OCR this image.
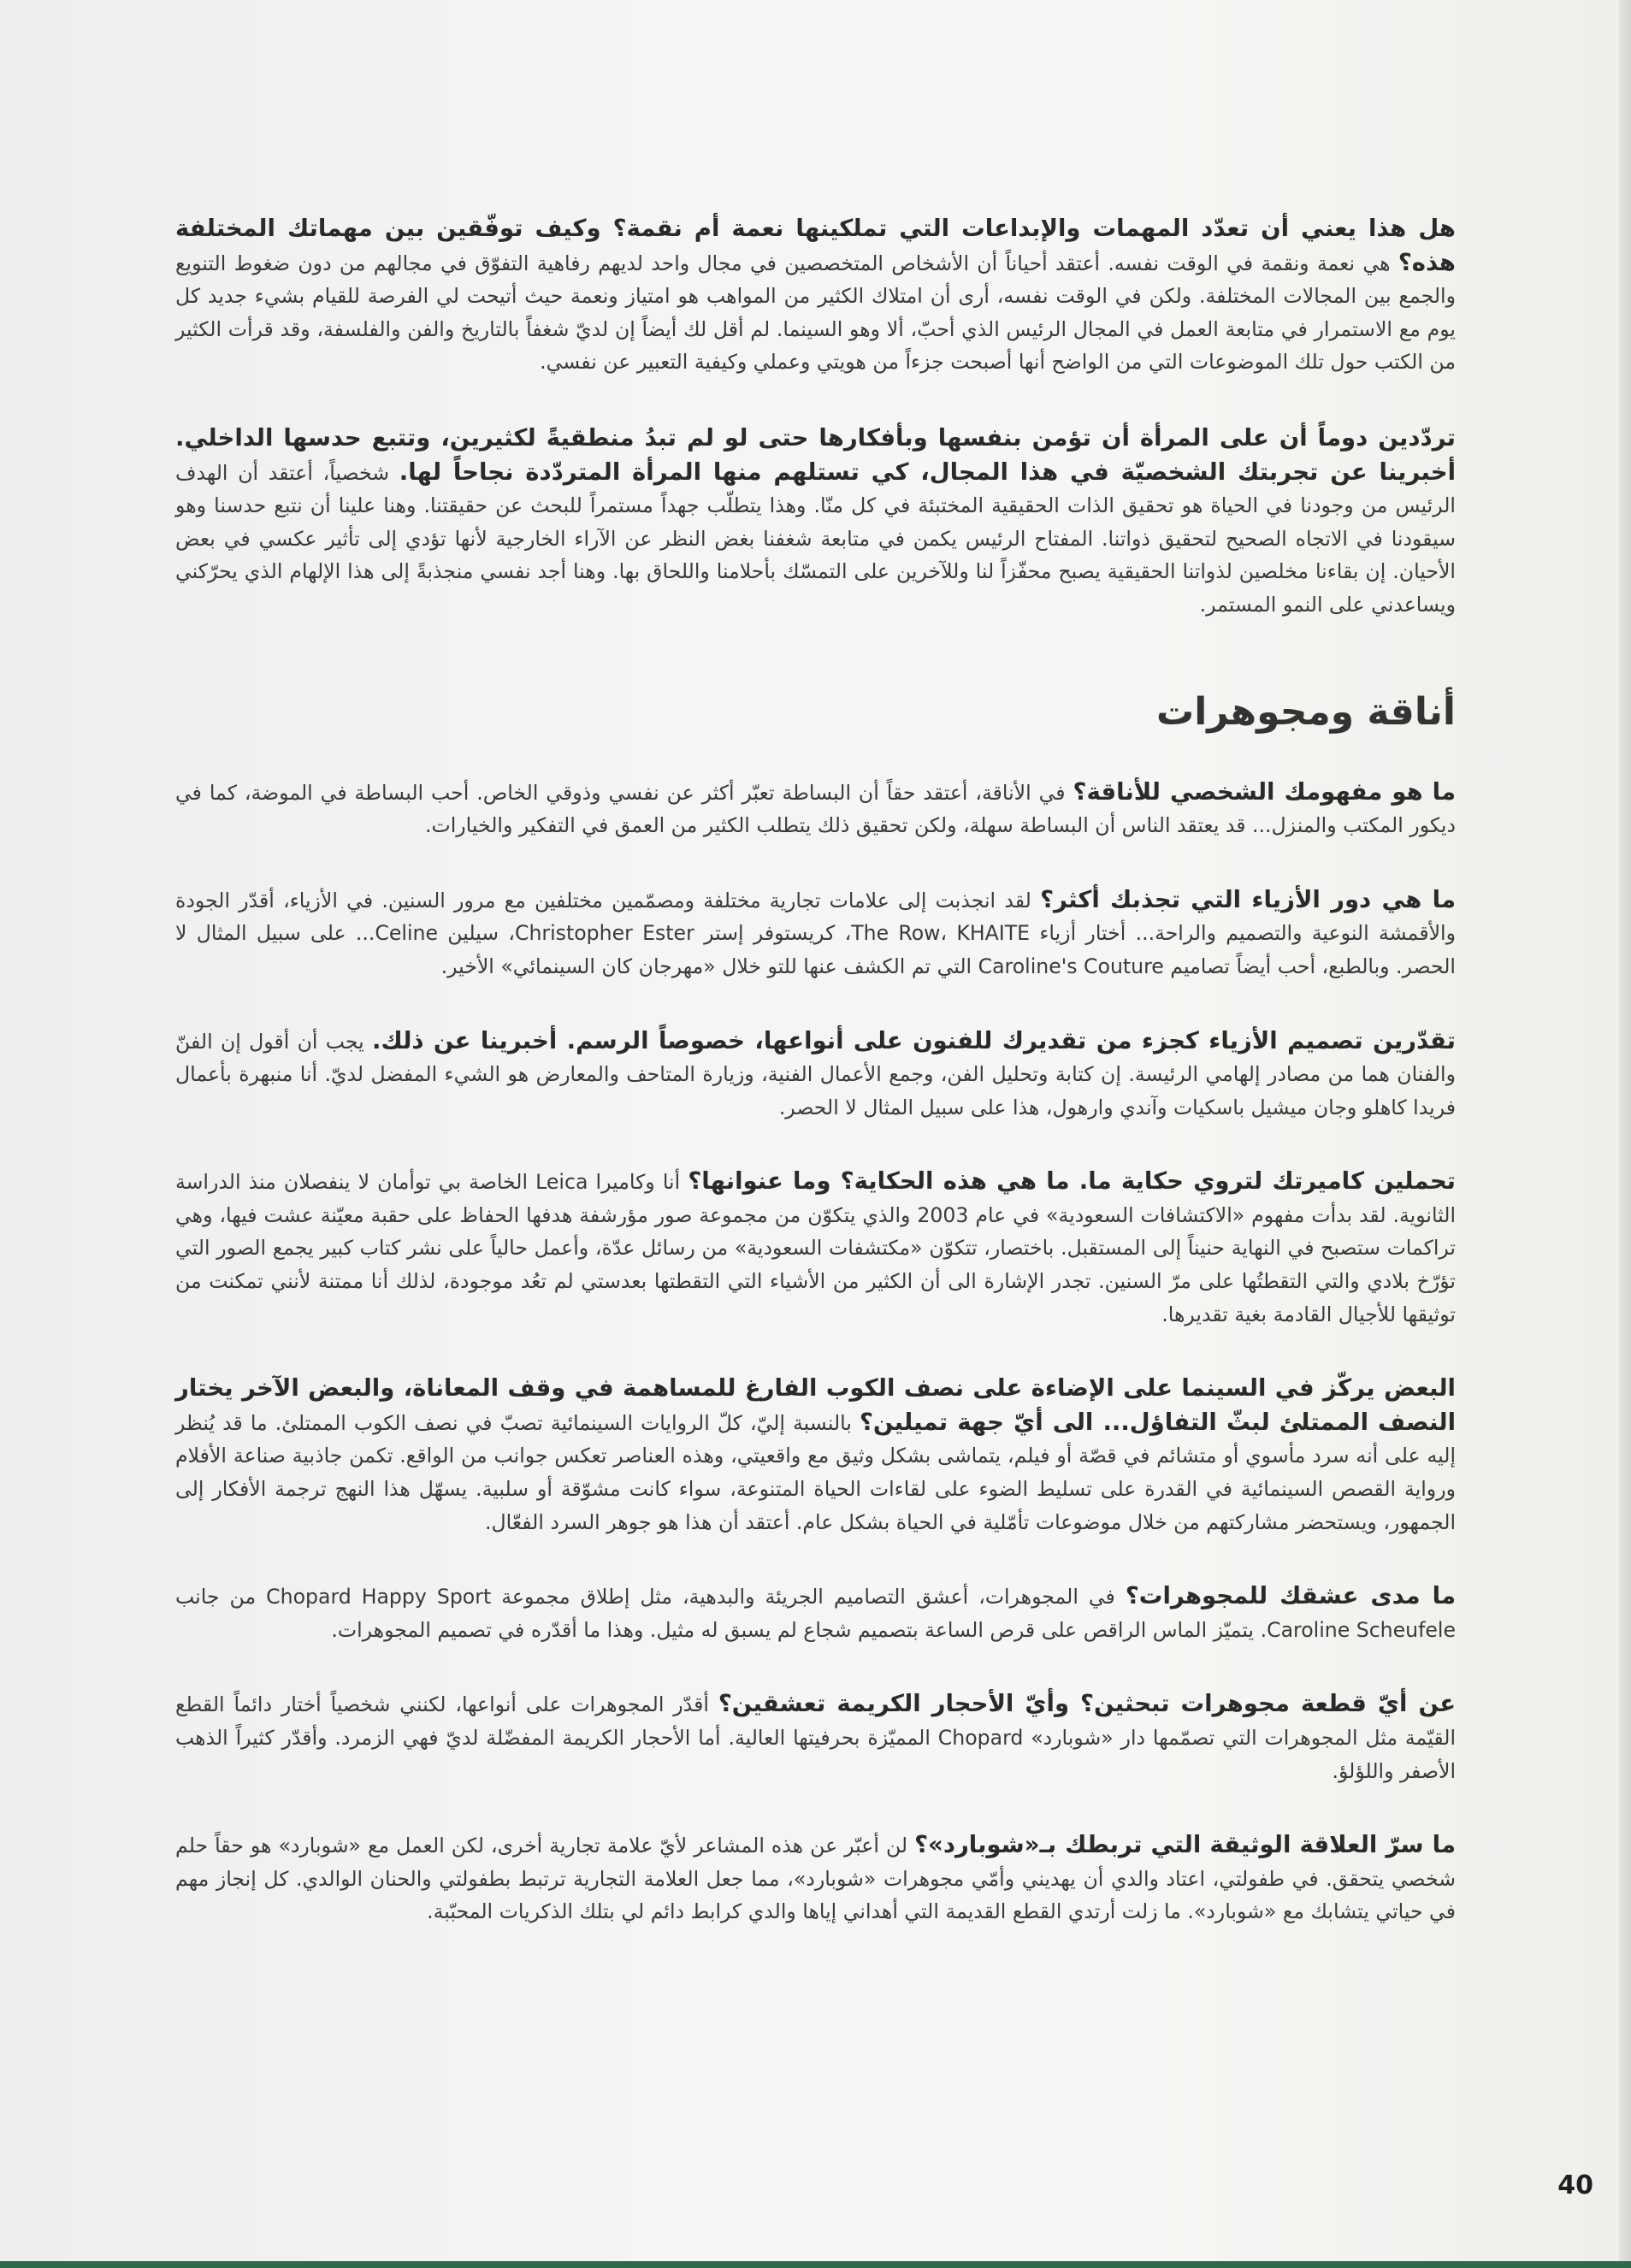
هل هذا يعني أن تعدّد المهمات والإبداعات التي تملكينها نعمة أم نقمة؟ وكيف توفّقين بين مهماتك المختلفة هذه؟ هي نعمة ونقمة في الوقت نفسه. أعتقد أحياناً أن الأشخاص المتخصصين في مجال واحد لديهم رفاهية التفوّق في مجالهم من دون ضغوط التنويع والجمع بين المجالات المختلفة. ولكن في الوقت نفسه، أرى أن امتلاك الكثير من المواهب هو امتياز ونعمة حيث أتيحت لي الفرصة للقيام بشيء جديد كل يوم مع الاستمرار في متابعة العمل في المجال الرئيس الذي أحبّ، ألا وهو السينما. لم أقل لك أيضاً إن لديّ شغفاً بالتاريخ والفن والفلسفة، وقد قرأت الكثير من الكتب حول تلك الموضوعات التي من الواضح أنها أصبحت جزءاً من هويتي وعملي وكيفية التعبير عن نفسي.

تردّدين دوماً أن على المرأة أن تؤمن بنفسها وبأفكارها حتى لو لم تبدُ منطقيةً لكثيرين، وتتبع حدسها الداخلي. أخبرينا عن تجربتك الشخصيّة في هذا المجال، كي تستلهم منها المرأة المتردّدة نجاحاً لها. شخصياً، أعتقد أن الهدف الرئيس من وجودنا في الحياة هو تحقيق الذات الحقيقية المختبئة في كل منّا. وهذا يتطلّب جهداً مستمراً للبحث عن حقيقتنا. وهنا علينا أن نتبع حدسنا وهو سيقودنا في الاتجاه الصحيح لتحقيق ذواتنا. المفتاح الرئيس يكمن في متابعة شغفنا بغض النظر عن الآراء الخارجية لأنها تؤدي إلى تأثير عكسي في بعض الأحيان. إن بقاءنا مخلصين لذواتنا الحقيقية يصبح محفّزاً لنا وللآخرين على التمسّك بأحلامنا واللحاق بها. وهنا أجد نفسي منجذبةً إلى هذا الإلهام الذي يحرّكني ويساعدني على النمو المستمر.

أناقة ومجوهرات

ما هو مفهومك الشخصي للأناقة؟ في الأناقة، أعتقد حقاً أن البساطة تعبّر أكثر عن نفسي وذوقي الخاص. أحب البساطة في الموضة، كما في ديكور المكتب والمنزل... قد يعتقد الناس أن البساطة سهلة، ولكن تحقيق ذلك يتطلب الكثير من العمق في التفكير والخيارات.

ما هي دور الأزياء التي تجذبك أكثر؟ لقد انجذبت إلى علامات تجارية مختلفة ومصمّمين مختلفين مع مرور السنين. في الأزياء، أقدّر الجودة والأقمشة النوعية والتصميم والراحة... أختار أزياء The Row، KHAITE، كريستوفر إستر Christopher Ester، سيلين Celine... على سبيل المثال لا الحصر. وبالطبع، أحب أيضاً تصاميم Caroline's Couture التي تم الكشف عنها للتو خلال «مهرجان كان السينمائي» الأخير.

تقدّرين تصميم الأزياء كجزء من تقديرك للفنون على أنواعها، خصوصاً الرسم. أخبرينا عن ذلك. يجب أن أقول إن الفنّ والفنان هما من مصادر إلهامي الرئيسة. إن كتابة وتحليل الفن، وجمع الأعمال الفنية، وزيارة المتاحف والمعارض هو الشيء المفضل لديّ. أنا منبهرة بأعمال فريدا كاهلو وجان ميشيل باسكيات وآندي وارهول، هذا على سبيل المثال لا الحصر.

تحملين كاميرتك لتروي حكاية ما. ما هي هذه الحكاية؟ وما عنوانها؟ أنا وكاميرا Leica الخاصة بي توأمان لا ينفصلان منذ الدراسة الثانوية. لقد بدأت مفهوم «الاكتشافات السعودية» في عام 2003 والذي يتكوّن من مجموعة صور مؤرشفة هدفها الحفاظ على حقبة معيّنة عشت فيها، وهي تراكمات ستصبح في النهاية حنيناً إلى المستقبل. باختصار، تتكوّن «مكتشفات السعودية» من رسائل عدّة، وأعمل حالياً على نشر كتاب كبير يجمع الصور التي تؤرّخ بلادي والتي التقطتُها على مرّ السنين. تجدر الإشارة الى أن الكثير من الأشياء التي التقطتها بعدستي لم تعُد موجودة، لذلك أنا ممتنة لأنني تمكنت من توثيقها للأجيال القادمة بغية تقديرها.

البعض يركّز في السينما على الإضاءة على نصف الكوب الفارغ للمساهمة في وقف المعاناة، والبعض الآخر يختار النصف الممتلئ لبثّ التفاؤل... الى أيّ جهة تميلين؟ بالنسبة إليّ، كلّ الروايات السينمائية تصبّ في نصف الكوب الممتلئ. ما قد يُنظر إليه على أنه سرد مأسوي أو متشائم في قصّة أو فيلم، يتماشى بشكل وثيق مع واقعيتي، وهذه العناصر تعكس جوانب من الواقع. تكمن جاذبية صناعة الأفلام ورواية القصص السينمائية في القدرة على تسليط الضوء على لقاءات الحياة المتنوعة، سواء كانت مشوّقة أو سلبية. يسهّل هذا النهج ترجمة الأفكار إلى الجمهور، ويستحضر مشاركتهم من خلال موضوعات تأمّلية في الحياة بشكل عام. أعتقد أن هذا هو جوهر السرد الفعّال.

ما مدى عشقك للمجوهرات؟ في المجوهرات، أعشق التصاميم الجريئة والبدهية، مثل إطلاق مجموعة Chopard Happy Sport من جانب Caroline Scheufele. يتميّز الماس الراقص على قرص الساعة بتصميم شجاع لم يسبق له مثيل. وهذا ما أقدّره في تصميم المجوهرات.

عن أيّ قطعة مجوهرات تبحثين؟ وأيّ الأحجار الكريمة تعشقين؟ أقدّر المجوهرات على أنواعها، لكنني شخصياً أختار دائماً القطع القيّمة مثل المجوهرات التي تصمّمها دار «شوبارد» Chopard المميّزة بحرفيتها العالية. أما الأحجار الكريمة المفضّلة لديّ فهي الزمرد. وأقدّر كثيراً الذهب الأصفر واللؤلؤ.

ما سرّ العلاقة الوثيقة التي تربطك بـ«شوبارد»؟ لن أعبّر عن هذه المشاعر لأيّ علامة تجارية أخرى، لكن العمل مع «شوبارد» هو حقاً حلم شخصي يتحقق. في طفولتي، اعتاد والدي أن يهديني وأمّي مجوهرات «شوبارد»، مما جعل العلامة التجارية ترتبط بطفولتي والحنان الوالدي. كل إنجاز مهم في حياتي يتشابك مع «شوبارد». ما زلت أرتدي القطع القديمة التي أهداني إياها والدي كرابط دائم لي بتلك الذكريات المحبّبة.

40
